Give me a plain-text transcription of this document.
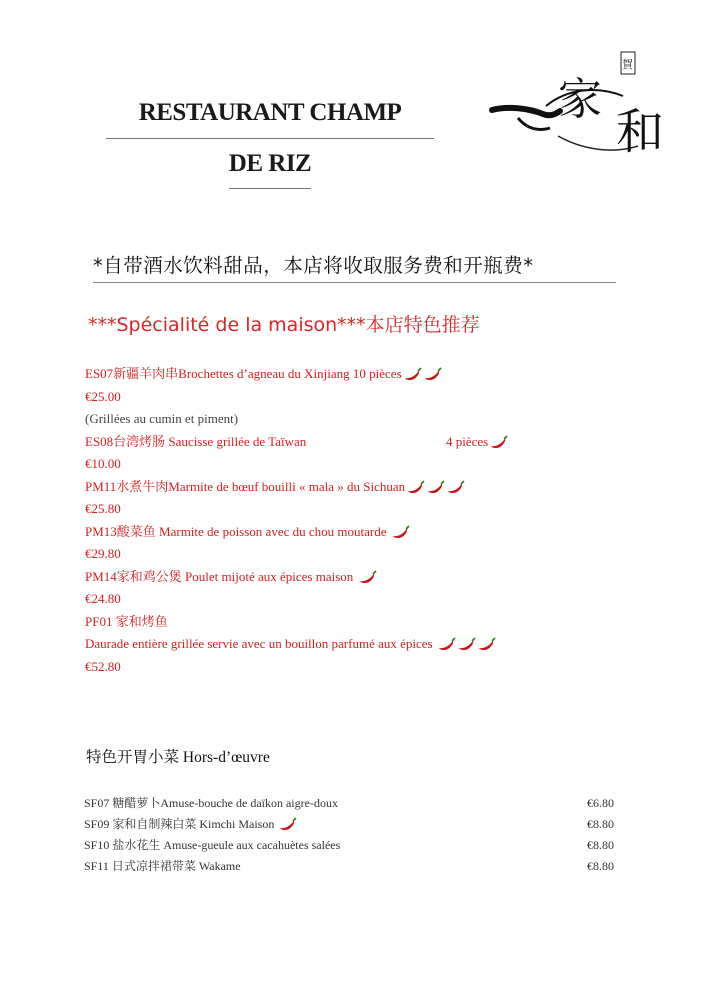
RESTAURANT CHAMP
DE RIZ
家
和
賀
*自带酒水饮料甜品，本店将收取服务费和开瓶费*
***Spécialité de la maison***本店特色推荐
ES07新疆羊肉串Brochettes d’agneau du Xinjiang 10 pièces
€25.00
(Grillées au cumin et piment)
ES08台湾烤肠 Saucisse grillée de Taïwan	4 pièces
€10.00
PM11水煮牛肉Marmite de bœuf bouilli « mala » du Sichuan
€25.80
PM13酸菜鱼 Marmite de poisson avec du chou moutarde
€29.80
PM14家和鸡公煲 Poulet mijoté aux épices maison
€24.80
PF01 家和烤鱼
Daurade entière grillée servie avec un bouillon parfumé aux épices
€52.80
特色开胃小菜 Hors-d’œuvre
SF07 糖醋萝卜Amuse-bouche de daïkon aigre-doux	€6.80
SF09 家和自制辣白菜 Kimchi Maison	€8.80
SF10 盐水花生 Amuse-gueule aux cacahuètes salées	€8.80
SF11 日式凉拌裙带菜 Wakame	€8.80
